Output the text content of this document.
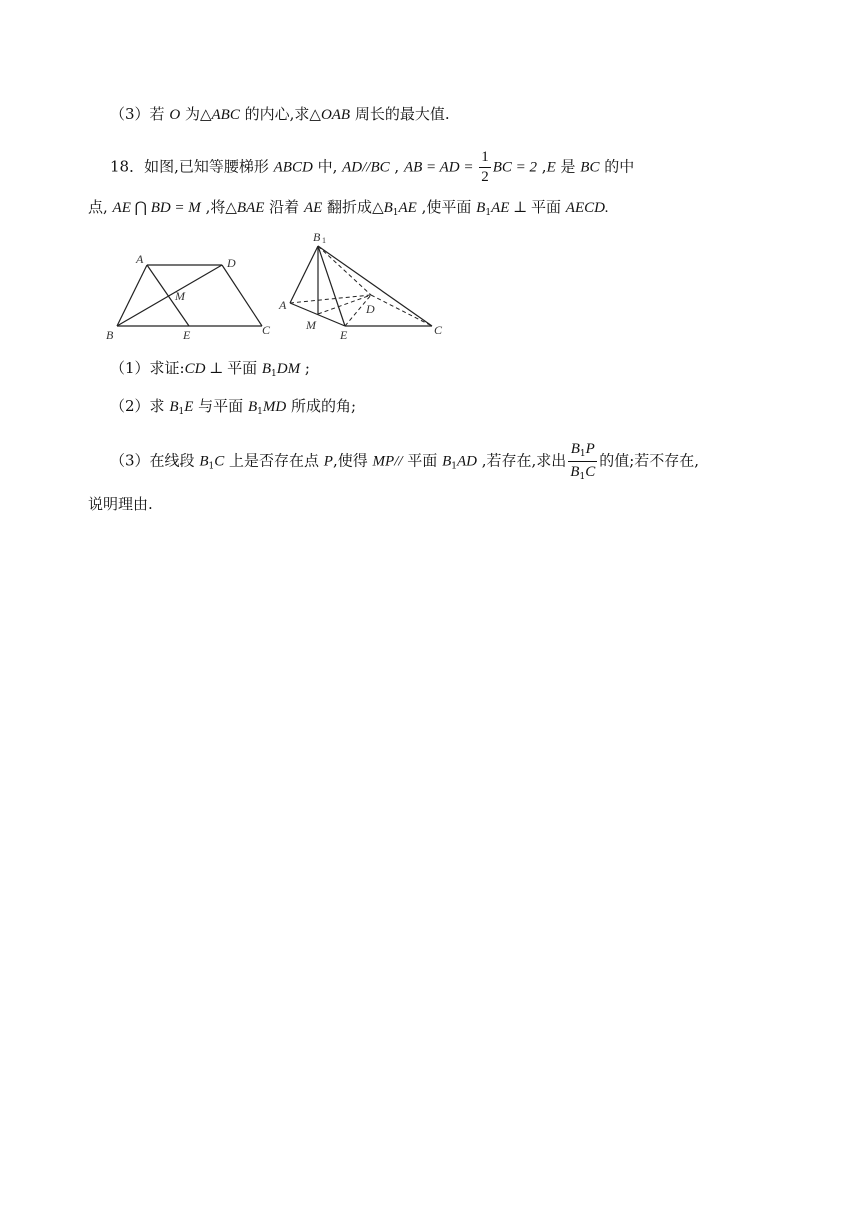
（3）若 O 为△ABC 的内心,求△OAB 周长的最大值.
18．如图,已知等腰梯形 ABCD 中, AD//BC , AB = AD = $\frac{1}{2}$ BC = 2 ,E 是 BC 的中
点, AE ⋂ BD = M ,将△BAE 沿着 AE 翻折成$\triangle B_1AE$ ,使平面 $B_1AE$ ⊥ 平面 AECD.
A	D
M
B	E	C
B 1
A
M
E
D
C
（1）求证:CD ⊥ 平面 $B_1DM$ ;
（2）求 $B_1E$ 与平面 $B_1MD$ 所成的角;
（3）在线段 $B_1C$ 上是否存在点 P,使得 MP// 平面 $B_1AD$ ,若存在,求出 $\frac{B_1P}{B_1C}$ 的值;若不存在,
说明理由.
